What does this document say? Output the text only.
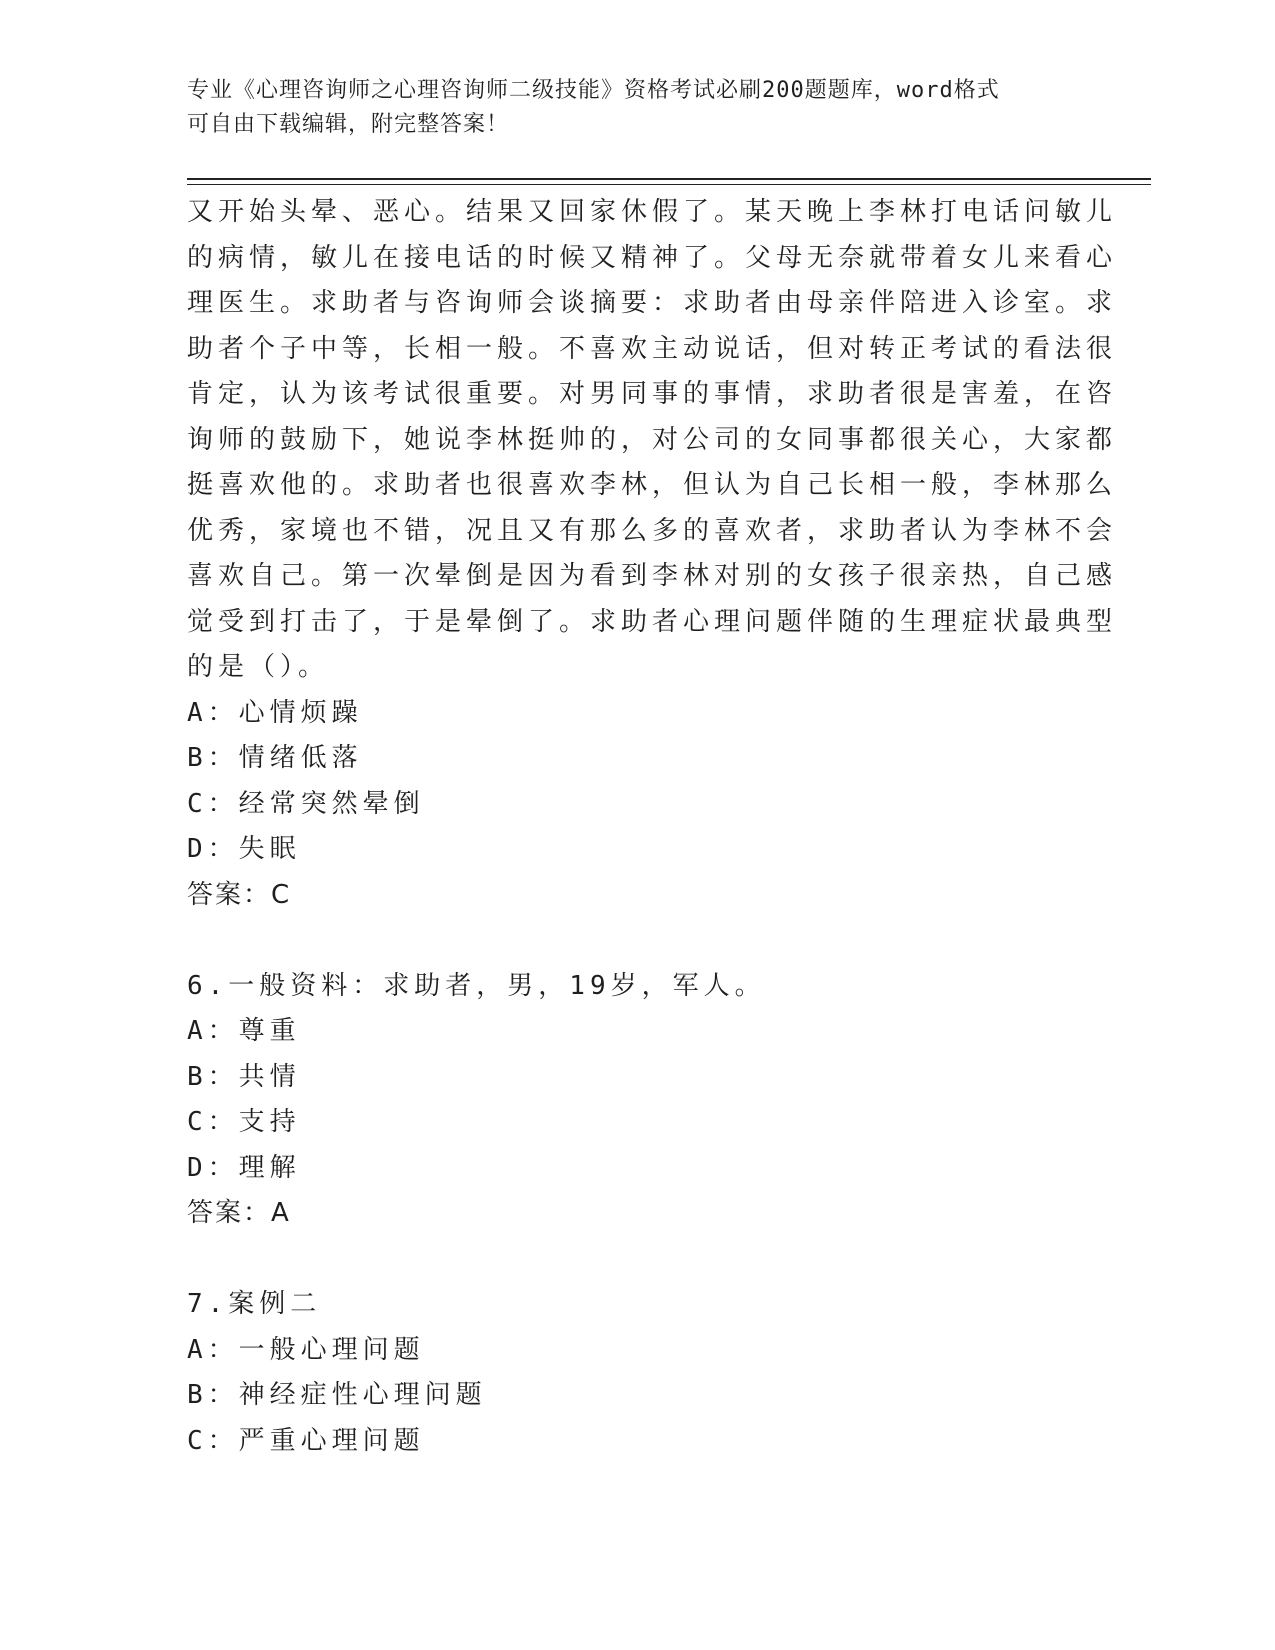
专业《心理咨询师之心理咨询师二级技能》资格考试必刷200题题库，word格式
可自由下载编辑，附完整答案！
又开始头晕、恶心。结果又回家休假了。某天晚上李林打电话问敏儿
的病情，敏儿在接电话的时候又精神了。父母无奈就带着女儿来看心
理医生。求助者与咨询师会谈摘要：求助者由母亲伴陪进入诊室。求
助者个子中等，长相一般。不喜欢主动说话，但对转正考试的看法很
肯定，认为该考试很重要。对男同事的事情，求助者很是害羞，在咨
询师的鼓励下，她说李林挺帅的，对公司的女同事都很关心，大家都
挺喜欢他的。求助者也很喜欢李林，但认为自己长相一般，李林那么
优秀，家境也不错，况且又有那么多的喜欢者，求助者认为李林不会
喜欢自己。第一次晕倒是因为看到李林对别的女孩子很亲热，自己感
觉受到打击了，于是晕倒了。求助者心理问题伴随的生理症状最典型
的是（）。
A：心情烦躁
B：情绪低落
C：经常突然晕倒
D：失眠
答案：C
6.一般资料：求助者，男，19岁，军人。
A：尊重
B：共情
C：支持
D：理解
答案：A
7.案例二
A：一般心理问题
B：神经症性心理问题
C：严重心理问题
